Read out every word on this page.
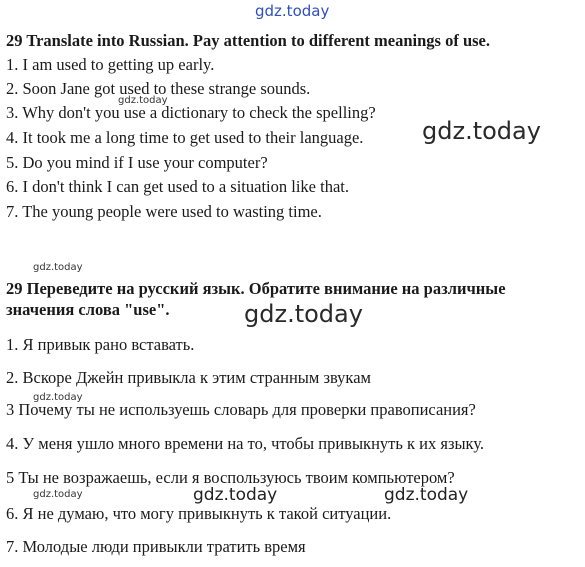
gdz.today
gdz.today
gdz.today
gdz.today
gdz.today
gdz.today
gdz.today	gdz.today	gdz.today
29 Translate into Russian. Pay attention to different meanings of use.
1. I am used to getting up early.
2. Soon Jane got used to these strange sounds.
3. Why don't you use a dictionary to check the spelling?
4. It took me a long time to get used to their language.
5. Do you mind if I use your computer?
6. I don't think I can get used to a situation like that.
7. The young people were used to wasting time.
29 Переведите на русский язык. Обратите внимание на различные
значения слова "use".
1. Я привык рано вставать.
2. Вскоре Джейн привыкла к этим странным звукам
3 Почему ты не используешь словарь для проверки правописания?
4. У меня ушло много времени на то, чтобы привыкнуть к их языку.
5 Ты не возражаешь, если я воспользуюсь твоим компьютером?
6. Я не думаю, что могу привыкнуть к такой ситуации.
7. Молодые люди привыкли тратить время
